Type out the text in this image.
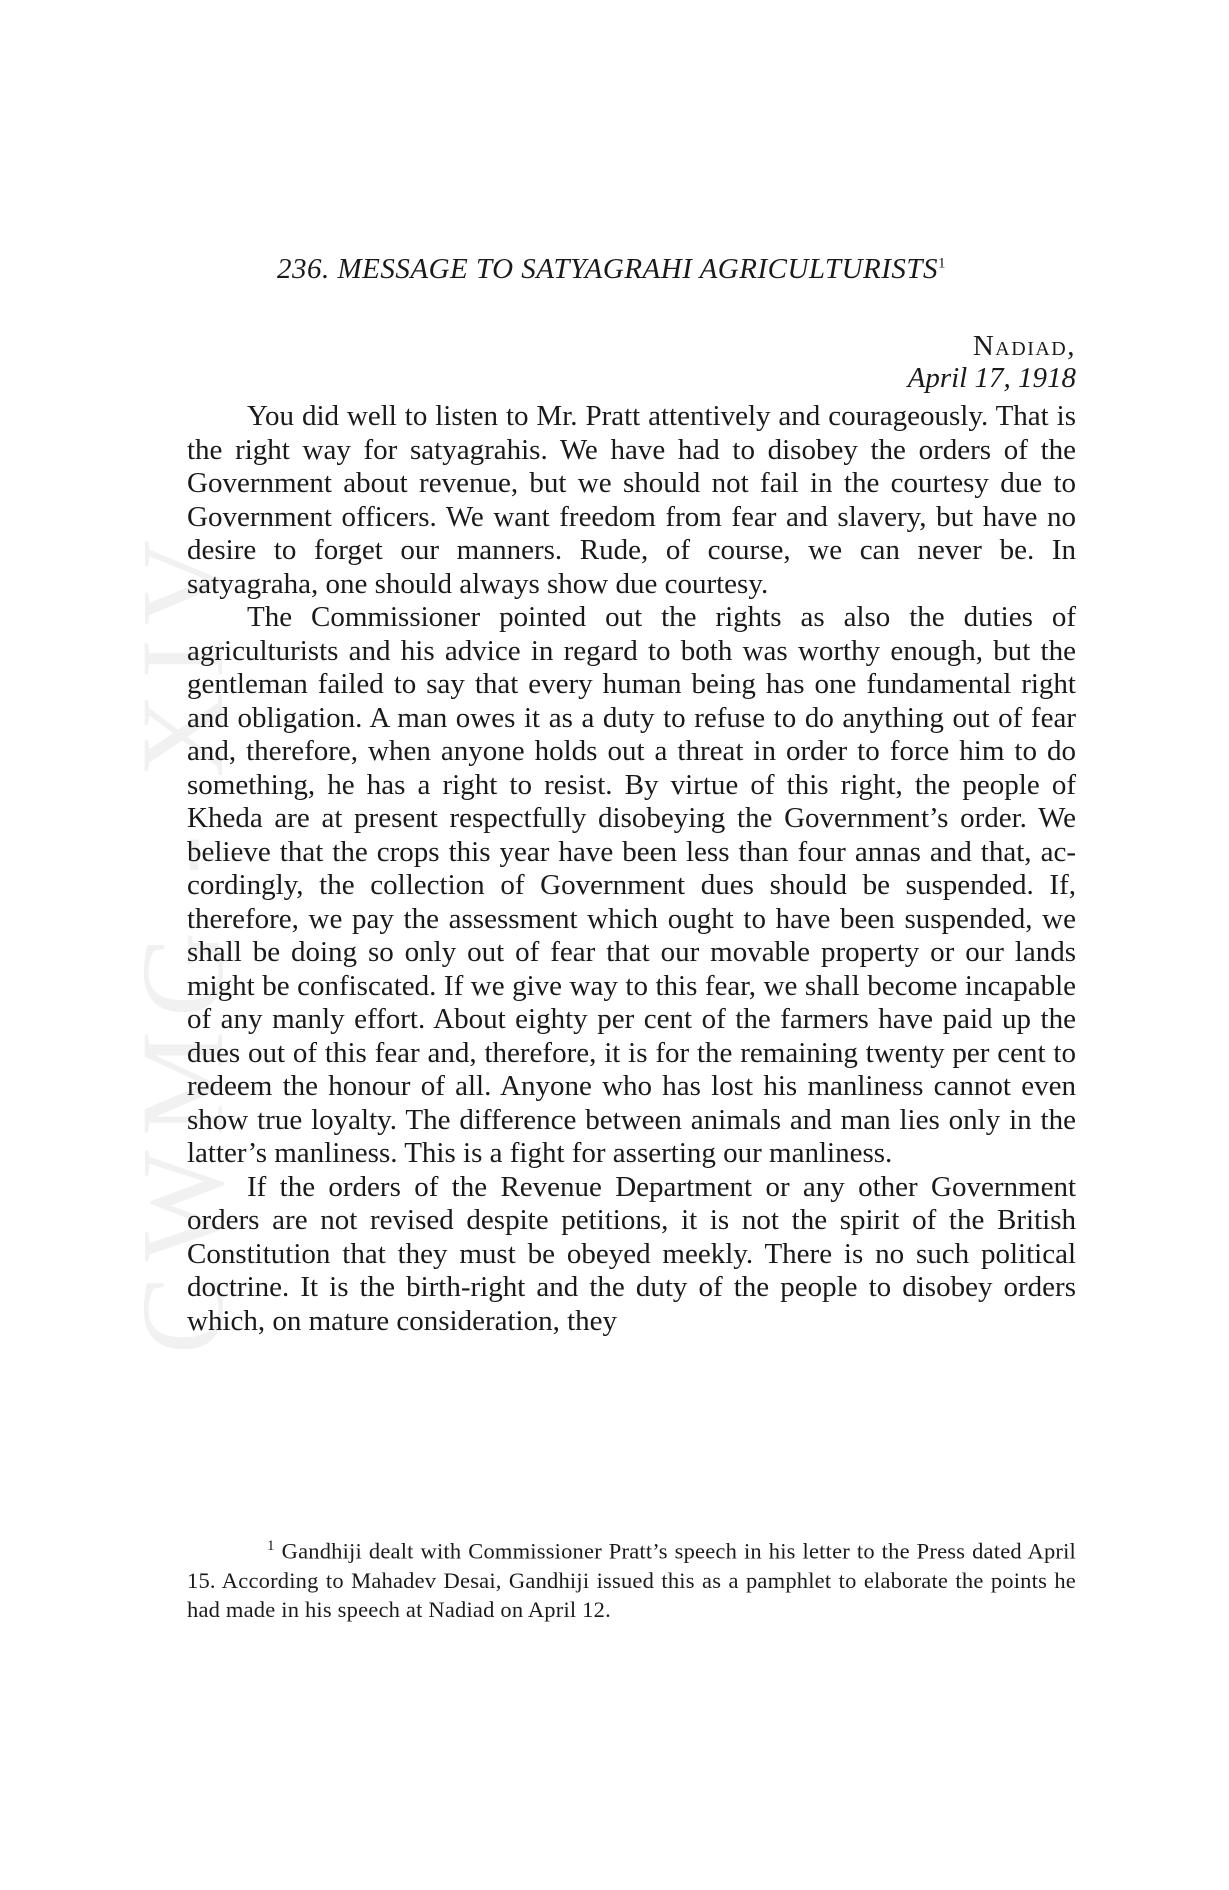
CWMG - XIV
236. MESSAGE TO SATYAGRAHI AGRICULTURISTS$^1$
Nadiad,
April 17, 1918

You did well to listen to Mr. Pratt attentively and courageously. That is the right way for satyagrahis. We have had to disobey the orders of the Government about revenue, but we should not fail in the courtesy due to Government officers. We want freedom from fear and slavery, but have no desire to forget our manners. Rude, of course, we can never be. In satyagraha, one should always show due courtesy.

The Commissioner pointed out the rights as also the duties of agriculturists and his advice in regard to both was worthy enough, but the gentleman failed to say that every human being has one fundamental right and obligation. A man owes it as a duty to refuse to do anything out of fear and, therefore, when anyone holds out a threat in order to force him to do something, he has a right to resist. By virtue of this right, the people of Kheda are at present respectfully disobeying the Government’s order. We believe that the crops this year have been less than four annas and that, accordingly, the collection of Government dues should be suspended. If, therefore, we pay the assessment which ought to have been suspended, we shall be doing so only out of fear that our movable property or our lands might be confiscated. If we give way to this fear, we shall become incapable of any manly effort. About eighty per cent of the farmers have paid up the dues out of this fear and, therefore, it is for the remaining twenty per cent to redeem the honour of all. Anyone who has lost his manliness cannot even show true loyalty. The difference between animals and man lies only in the latter’s manliness. This is a fight for asserting our manliness.

If the orders of the Revenue Department or any other Government orders are not revised despite petitions, it is not the spirit of the British Constitution that they must be obeyed meekly. There is no such political doctrine. It is the birth-right and the duty of the people to disobey orders which, on mature consideration, they

$^1$ Gandhiji dealt with Commissioner Pratt’s speech in his letter to the Press dated April 15. According to Mahadev Desai, Gandhiji issued this as a pamphlet to elaborate the points he had made in his speech at Nadiad on April 12.
